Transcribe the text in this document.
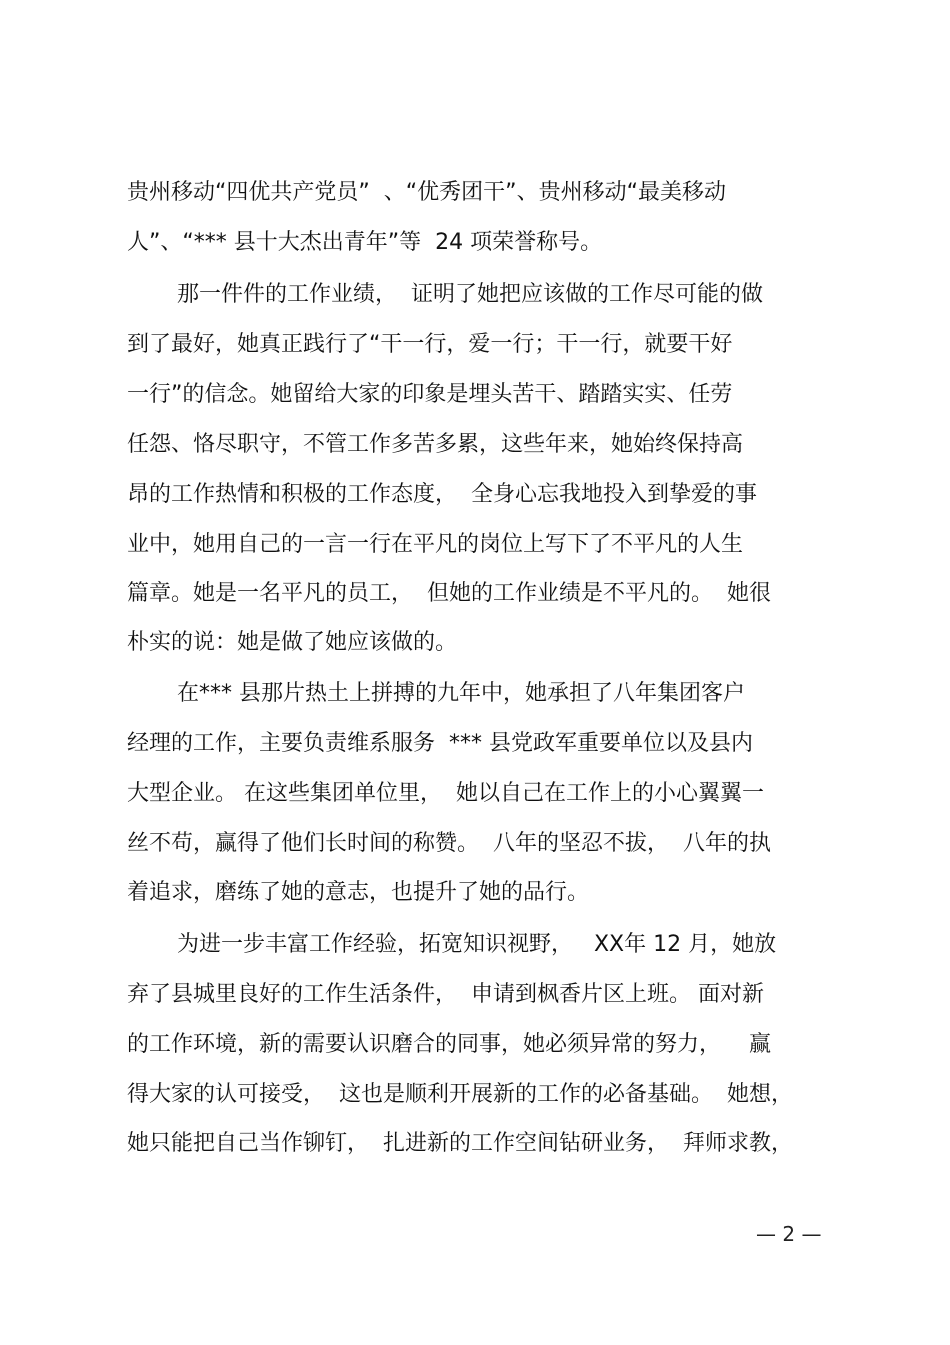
贵州移动“四优共产党员”  、“优秀团干”、贵州移动“最美移动
人”、“*** 县十大杰出青年”等  24 项荣誉称号。
那一件件的工作业绩，  证明了她把应该做的工作尽可能的做
到了最好，她真正践行了“干一行，爱一行；干一行，就要干好
一行”的信念。她留给大家的印象是埋头苦干、踏踏实实、任劳
任怨、恪尽职守，不管工作多苦多累，这些年来，她始终保持高
昂的工作热情和积极的工作态度，  全身心忘我地投入到挚爱的事
业中，她用自己的一言一行在平凡的岗位上写下了不平凡的人生
篇章。她是一名平凡的员工，  但她的工作业绩是不平凡的。  她很
朴实的说：她是做了她应该做的。
在*** 县那片热土上拼搏的九年中，她承担了八年集团客户
经理的工作，主要负责维系服务  *** 县党政军重要单位以及县内
大型企业。 在这些集团单位里，  她以自己在工作上的小心翼翼一
丝不苟，赢得了他们长时间的称赞。  八年的坚忍不拔，  八年的执
着追求，磨练了她的意志，也提升了她的品行。
为进一步丰富工作经验，拓宽知识视野，   XX年 12 月，她放
弃了县城里良好的工作生活条件，  申请到枫香片区上班。 面对新
的工作环境，新的需要认识磨合的同事，她必须异常的努力，    赢
得大家的认可接受，  这也是顺利开展新的工作的必备基础。  她想，
她只能把自己当作铆钉，  扎进新的工作空间钻研业务，  拜师求教，
— 2 —
